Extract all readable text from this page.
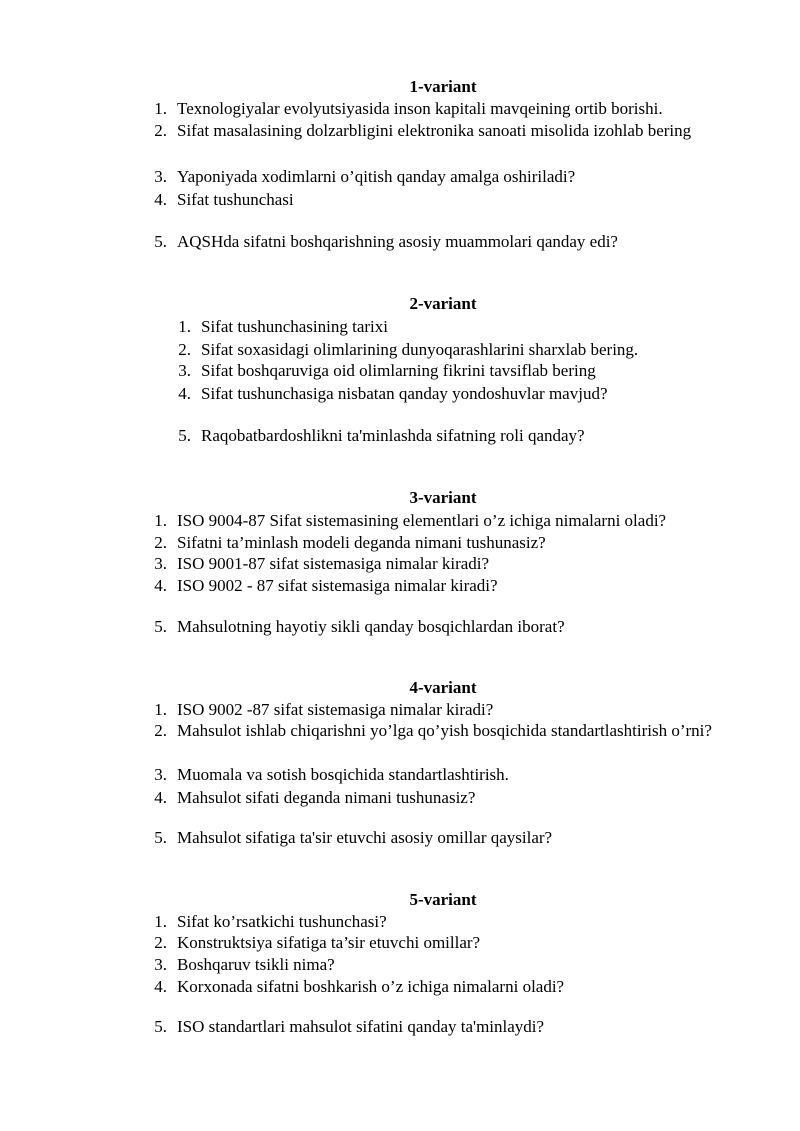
1-variant
1. Texnologiyalar evolyutsiyasida inson kapitali mavqeining ortib borishi.
2. Sifat masalasining dolzarbligini elektronika sanoati misolida izohlab bering
3. Yaponiyada xodimlarni o’qitish qanday amalga oshiriladi?
4. Sifat tushunchasi
5. AQSHda sifatni boshqarishning asosiy muammolari qanday edi?
2-variant
1. Sifat tushunchasining tarixi
2. Sifat soxasidagi olimlarining dunyoqarashlarini sharxlab bering.
3. Sifat boshqaruviga oid olimlarning fikrini tavsiflab bering
4. Sifat tushunchasiga nisbatan qanday yondoshuvlar mavjud?
5. Raqobatbardoshlikni ta'minlashda sifatning roli qanday?
3-variant
1. ISO 9004-87 Sifat sistemasining elementlari o’z ichiga nimalarni oladi?
2. Sifatni ta’minlash modeli deganda nimani tushunasiz?
3. ISO 9001-87 sifat sistemasiga nimalar kiradi?
4. ISO 9002 - 87 sifat sistemasiga nimalar kiradi?
5. Mahsulotning hayotiy sikli qanday bosqichlardan iborat?
4-variant
1. ISO 9002 -87 sifat sistemasiga nimalar kiradi?
2. Mahsulot ishlab chiqarishni yo’lga qo’yish bosqichida standartlashtirish o’rni?
3. Muomala va sotish bosqichida standartlashtirish.
4. Mahsulot sifati deganda nimani tushunasiz?
5. Mahsulot sifatiga ta'sir etuvchi asosiy omillar qaysilar?
5-variant
1. Sifat ko’rsatkichi tushunchasi?
2. Konstruktsiya sifatiga ta’sir etuvchi omillar?
3. Boshqaruv tsikli nima?
4. Korxonada sifatni boshkarish o’z ichiga nimalarni oladi?
5. ISO standartlari mahsulot sifatini qanday ta'minlaydi?
